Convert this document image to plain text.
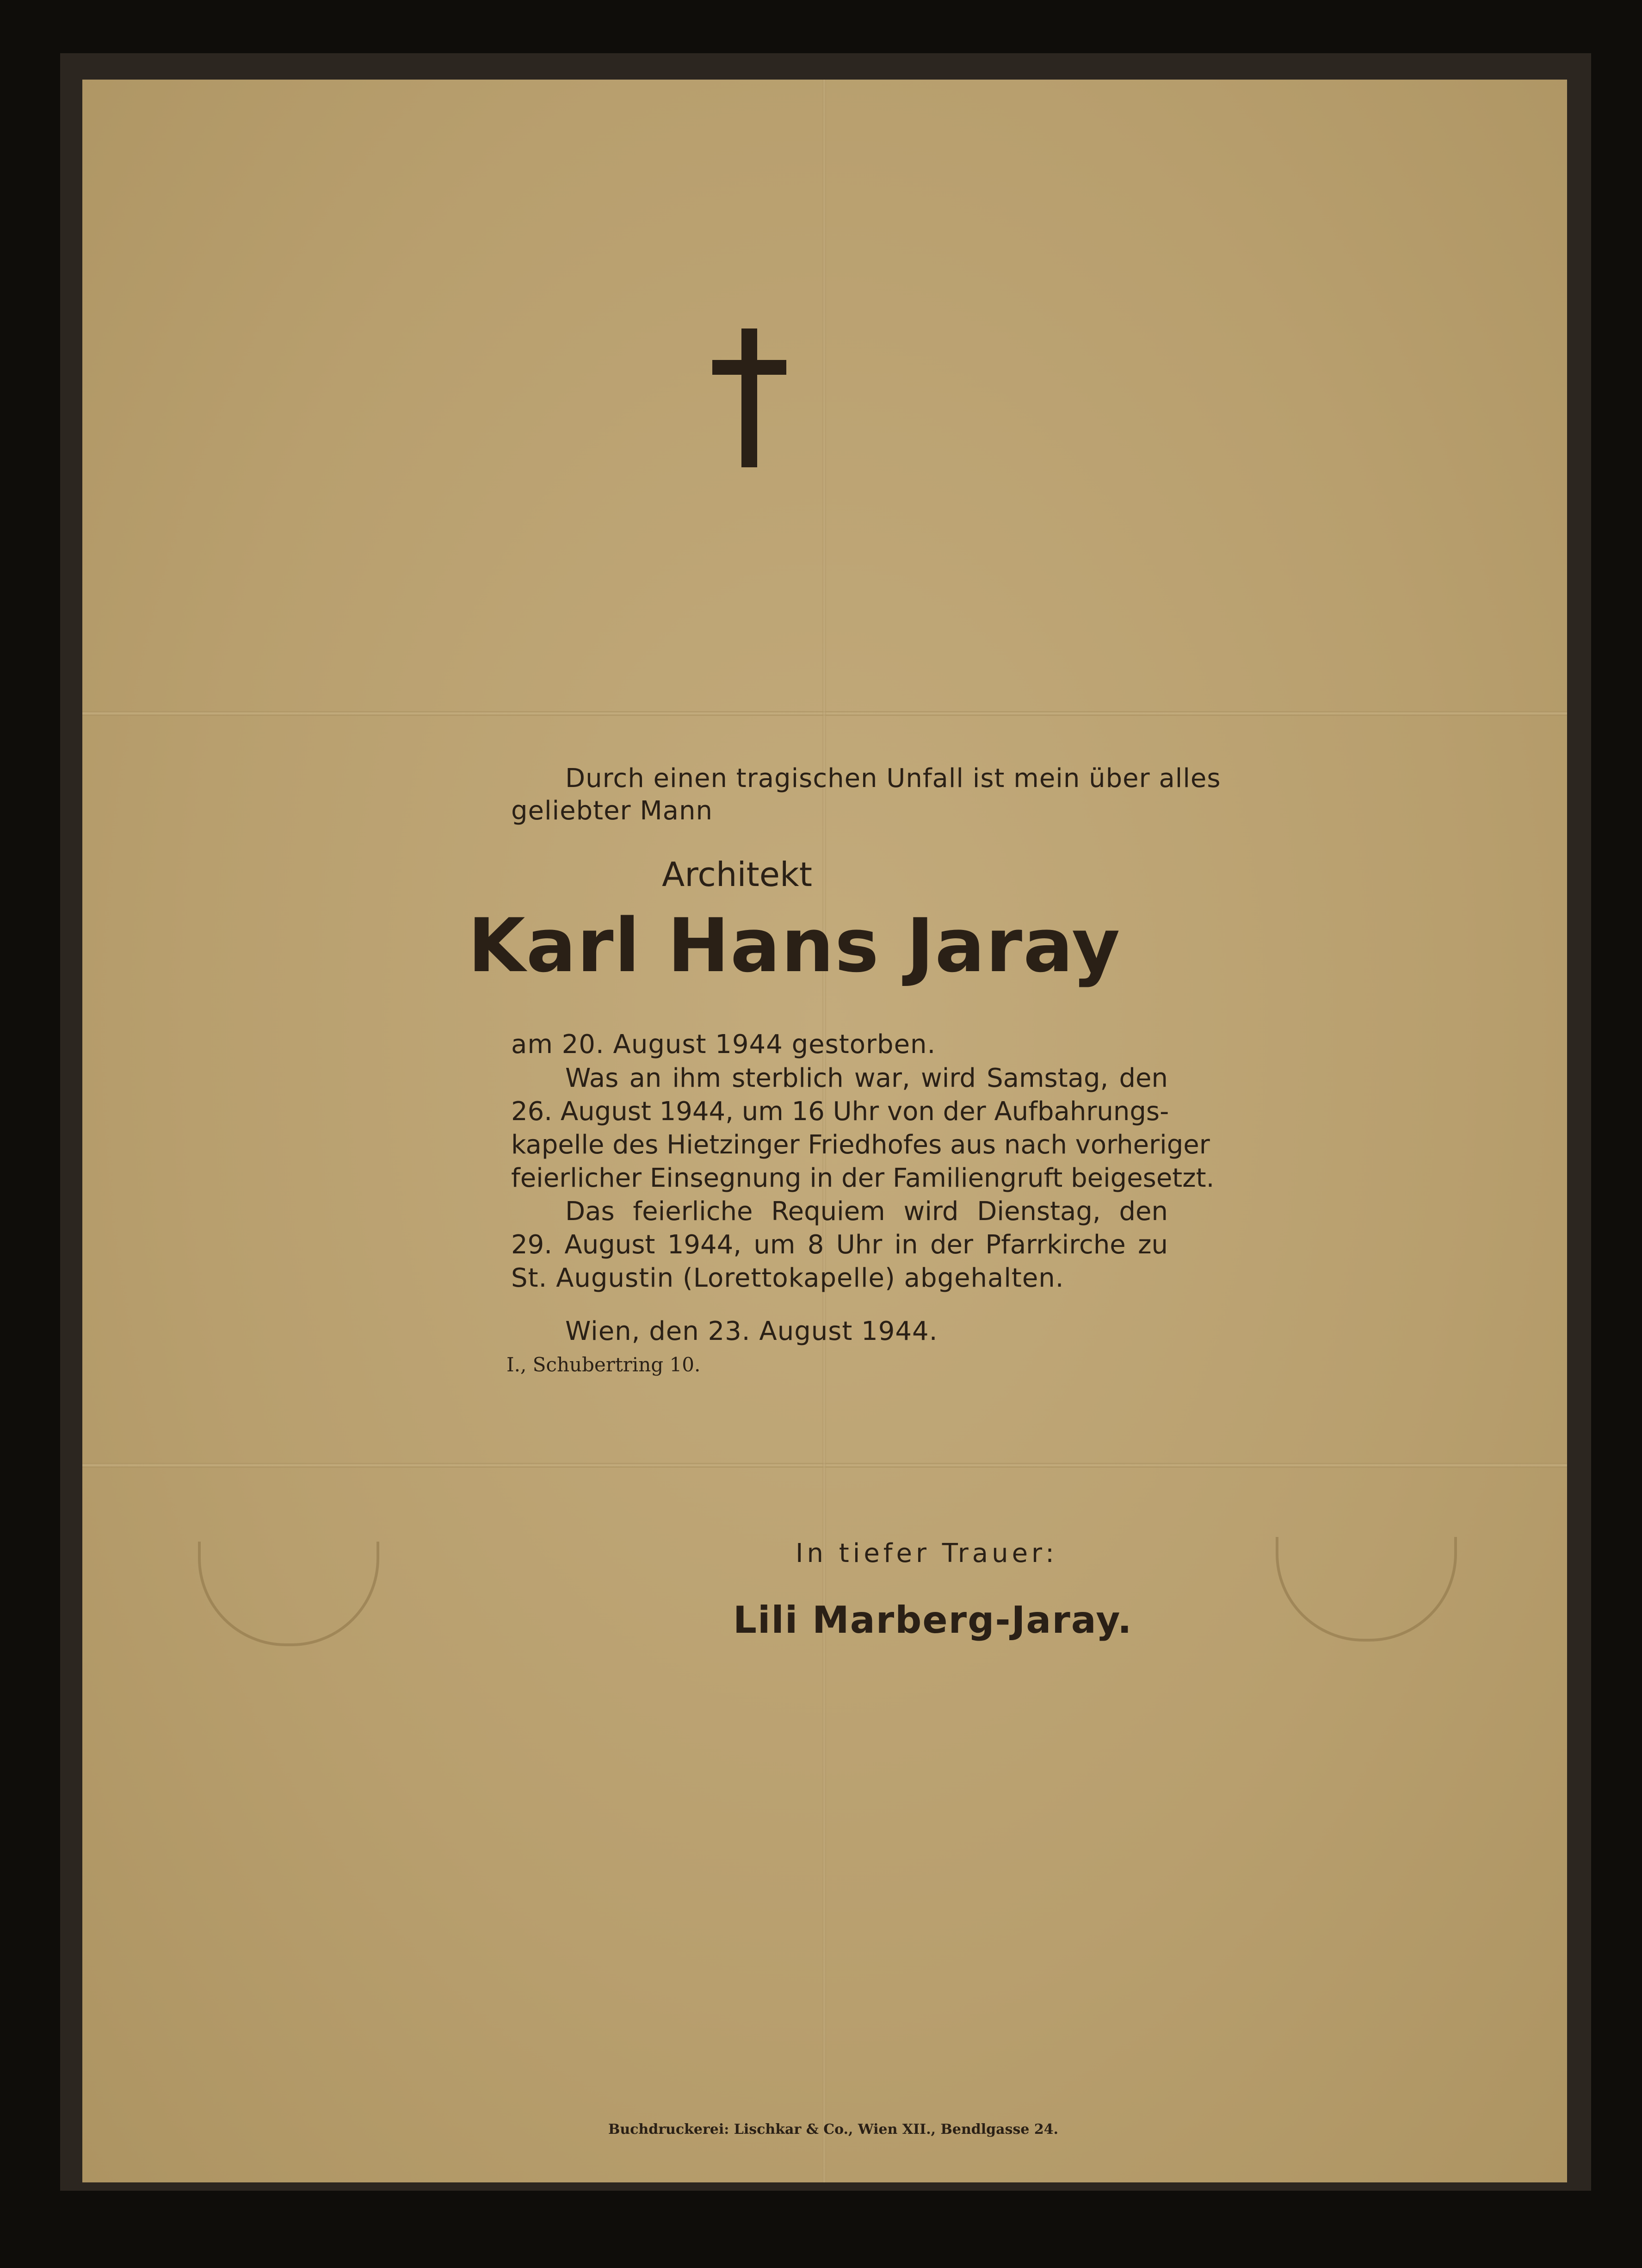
Durch einen tragischen Unfall ist mein über alles

geliebter Mann

Architekt

Karl Hans Jaray

am 20. August 1944 gestorben.

Was an ihm sterblich war, wird Samstag, den

26. August 1944, um 16 Uhr von der Aufbahrungs-

kapelle des Hietzinger Friedhofes aus nach vorheriger

feierlicher Einsegnung in der Familiengruft beigesetzt.

Das feierliche Requiem wird Dienstag, den

29. August 1944, um 8 Uhr in der Pfarrkirche zu

St. Augustin (Lorettokapelle) abgehalten.

Wien, den 23. August 1944.

I., Schubertring 10.

In tiefer Trauer:

Lili Marberg-Jaray.

Buchdruckerei: Lischkar & Co., Wien XII., Bendlgasse 24.
